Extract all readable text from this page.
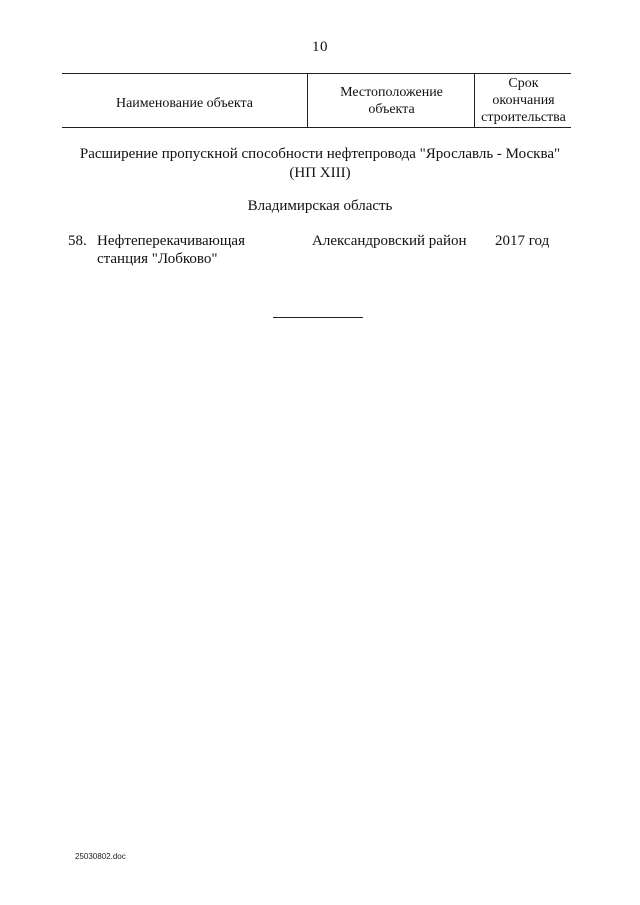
10
Наименование объекта
Местоположение
объекта
Срок
окончания
строительства
Расширение пропускной способности нефтепровода "Ярославль - Москва"
(НП XIII)
Владимирская область
58. Нефтеперекачивающая
станция "Лобково"
Александровский район 2017 год
25030802.doc
